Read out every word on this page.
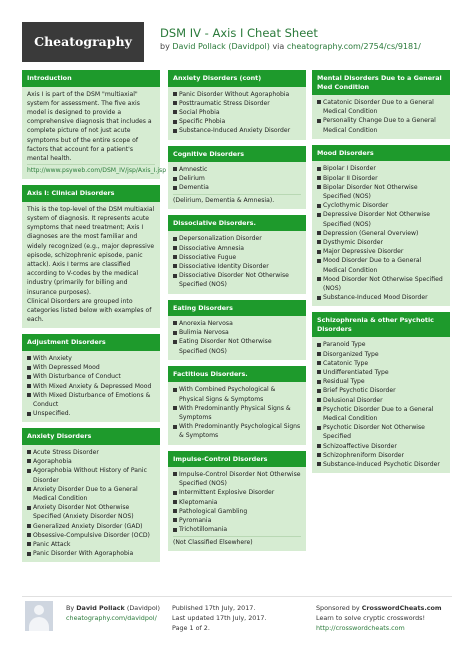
Cheatography
DSM IV - Axis I Cheat Sheet
by David Pollack (Davidpol) via cheatography.com/2754/cs/9181/
Introduction
Axis I is part of the DSM "multiaxial" system for assessment. The five axis model is designed to provide a comprehensive diagnosis that includes a complete picture of not just acute symptoms but of the entire scope of factors that account for a patient's mental health.
http://www.psyweb.com/DSM_IV/jsp/Axis_I.jsp
Axis I: Clinical Disorders
This is the top-level of the DSM multiaxial system of diagnosis. It represents acute symptoms that need treatment; Axis I diagnoses are the most familiar and widely recognized (e.g., major depressive episode, schizophrenic episode, panic attack). Axis I terms are classified according to V-codes by the medical industry (primarily for billing and insurance purposes).
Clinical Disorders are grouped into categories listed below with examples of each.
Adjustment Disorders
With Anxiety
With Depressed Mood
With Disturbance of Conduct
With Mixed Anxiety & Depressed Mood
With Mixed Disturbance of Emotions & Conduct
Unspecified.
Anxiety Disorders
Acute Stress Disorder
Agoraphobia
Agoraphobia Without History of Panic Disorder
Anxiety Disorder Due to a General Medical Condition
Anxiety Disorder Not Otherwise Specified (Anxiety Disorder NOS)
Generalized Anxiety Disorder (GAD)
Obsessive-Compulsive Disorder (OCD)
Panic Attack
Panic Disorder With Agoraphobia
Anxiety Disorders (cont)
Panic Disorder Without Agoraphobia
Posttraumatic Stress Disorder
Social Phobia
Specific Phobia
Substance-Induced Anxiety Disorder
Cognitive Disorders
Amnestic
Delirium
Dementia
(Delirium, Dementia & Amnesia).
Dissociative Disorders.
Depersonalization Disorder
Dissociative Amnesia
Dissociative Fugue
Dissociative Identity Disorder
Dissociative Disorder Not Otherwise Specified (NOS)
Eating Disorders
Anorexia Nervosa
Bulimia Nervosa
Eating Disorder Not Otherwise Specified (NOS)
Factitious Disorders.
With Combined Psychological & Physical Signs & Symptoms
With Predominantly Physical Signs & Symptoms
With Predominantly Psychological Signs & Symptoms
Impulse-Control Disorders
Impulse-Control Disorder Not Otherwise Specified (NOS)
Intermittent Explosive Disorder
Kleptomania
Pathological Gambling
Pyromania
Trichotillomania
(Not Classified Elsewhere)
Mental Disorders Due to a General Med Condition
Catatonic Disorder Due to a General Medical Condition
Personality Change Due to a General Medical Condition
Mood Disorders
Bipolar I Disorder
Bipolar II Disorder
Bipolar Disorder Not Otherwise Specified (NOS)
Cyclothymic Disorder
Depressive Disorder Not Otherwise Specified (NOS)
Depression (General Overview)
Dysthymic Disorder
Major Depressive Disorder
Mood Disorder Due to a General Medical Condition
Mood Disorder Not Otherwise Specified (NOS)
Substance-Induced Mood Disorder
Schizophrenia & other Psychotic Disorders
Paranoid Type
Disorganized Type
Catatonic Type
Undifferentiated Type
Residual Type
Brief Psychotic Disorder
Delusional Disorder
Psychotic Disorder Due to a General Medical Condition
Psychotic Disorder Not Otherwise Specified
Schizoaffective Disorder
Schizophreniform Disorder
Substance-Induced Psychotic Disorder
By David Pollack (Davidpol)
cheatography.com/davidpol/
Published 17th July, 2017.
Last updated 17th July, 2017.
Page 1 of 2.
Sponsored by CrosswordCheats.com
Learn to solve cryptic crosswords!
http://crosswordcheats.com
